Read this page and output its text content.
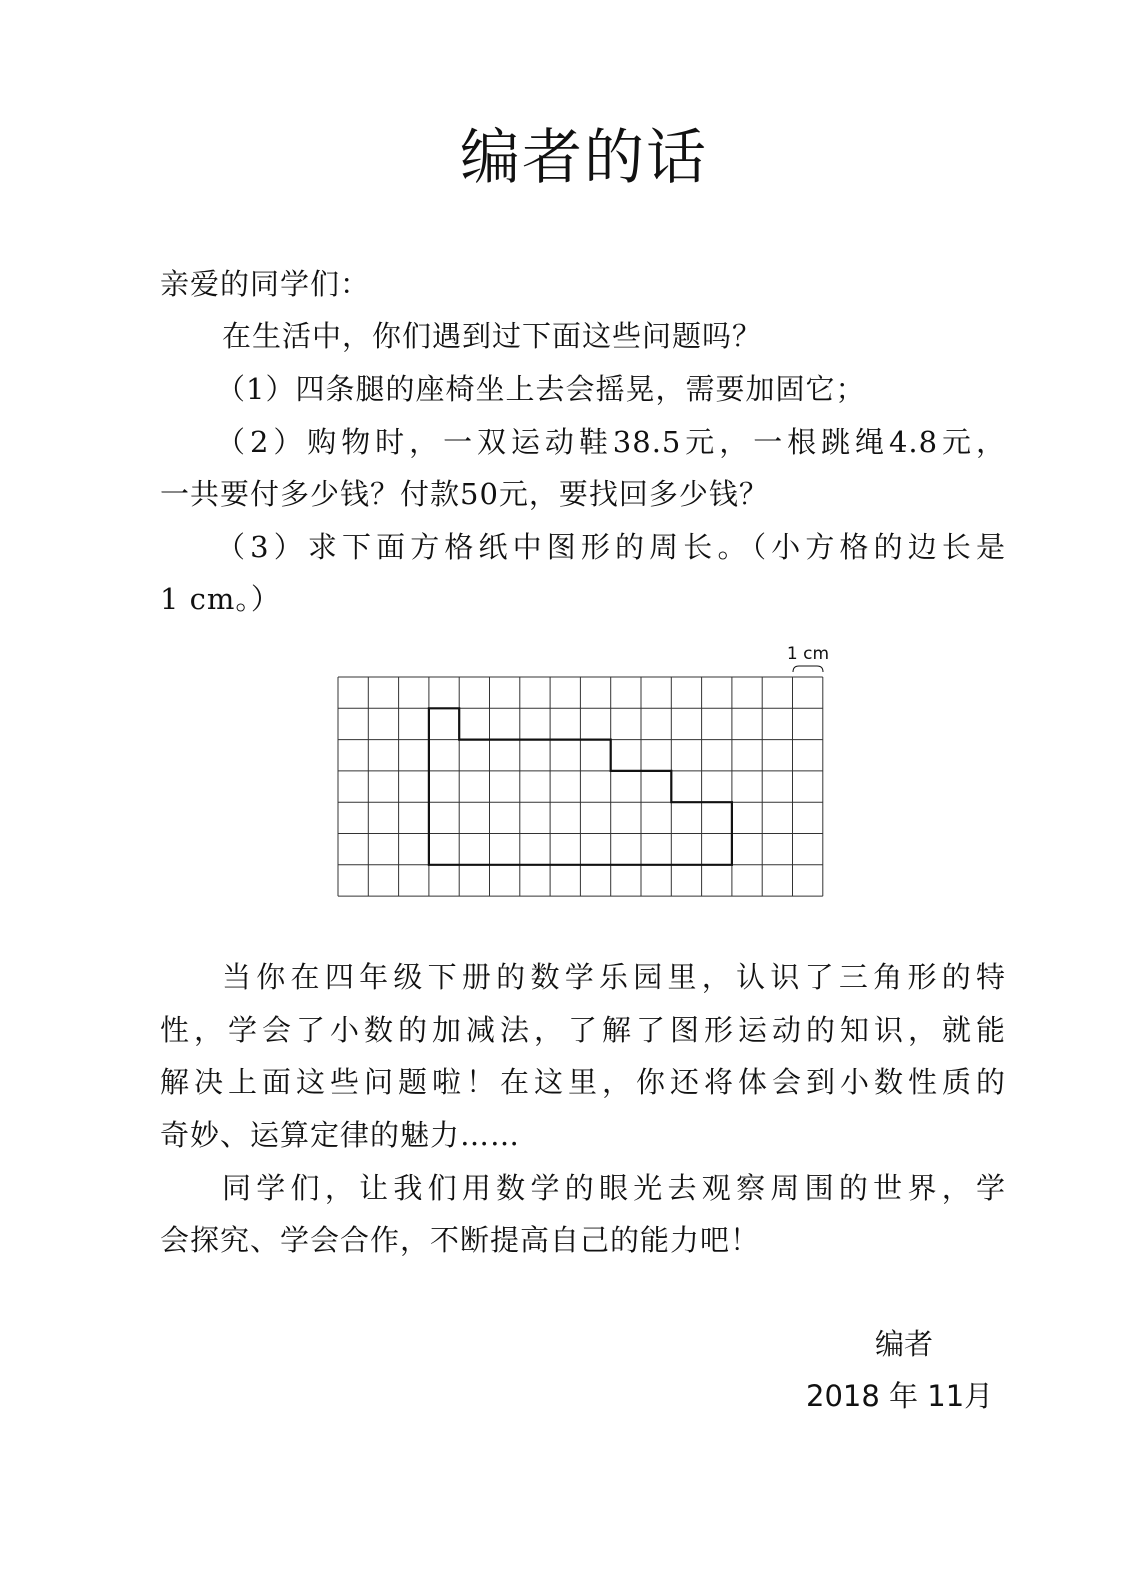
编者的话

亲爱的同学们：

在生活中，你们遇到过下面这些问题吗？

（1）四条腿的座椅坐上去会摇晃，需要加固它；

（2）购物时，一双运动鞋38.5元，一根跳绳4.8元，

一共要付多少钱？付款50元，要找回多少钱？

（3）求下面方格纸中图形的周长。（小方格的边长是

1 cm。）

1 cm

当你在四年级下册的数学乐园里，认识了三角形的特

性，学会了小数的加减法，了解了图形运动的知识，就能

解决上面这些问题啦！在这里，你还将体会到小数性质的

奇妙、运算定律的魅力……

同学们，让我们用数学的眼光去观察周围的世界，学

会探究、学会合作，不断提高自己的能力吧！

编者
2018 年 11月
